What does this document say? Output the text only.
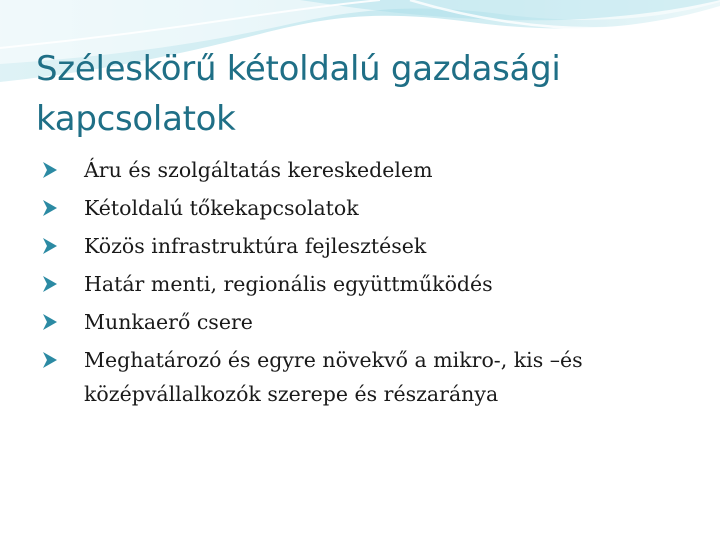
Széleskörű kétoldalú gazdasági kapcsolatok
Áru és szolgáltatás kereskedelem
Kétoldalú tőkekapcsolatok
Közös infrastruktúra fejlesztések
Határ menti, regionális együttműködés
Munkaerő csere
Meghatározó és egyre növekvő a mikro-, kis –és középvállalkozók szerepe és részaránya
